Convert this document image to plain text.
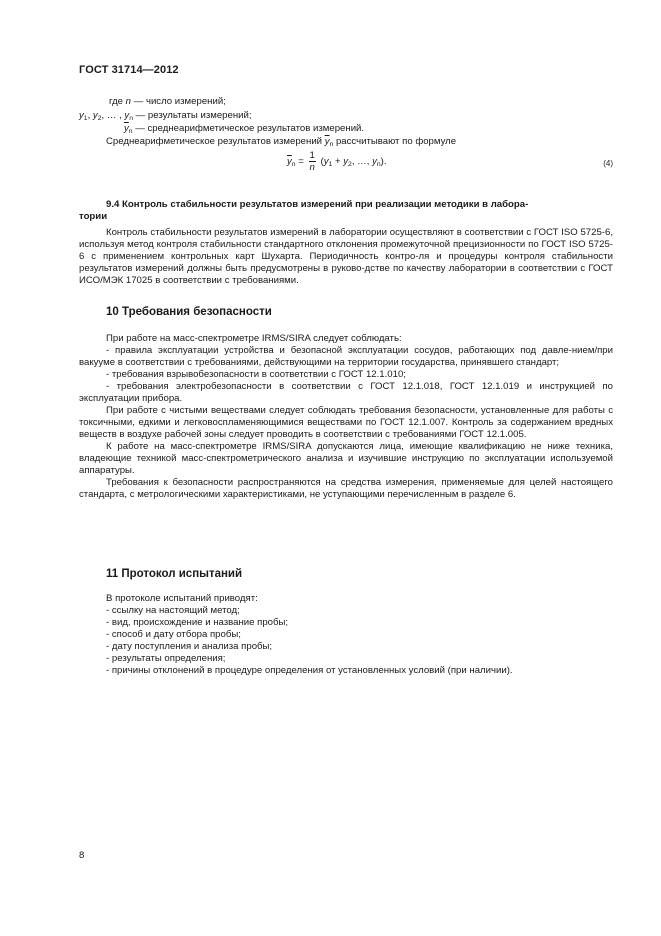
ГОСТ 31714—2012
где n — число измерений;
$y_1$, $y_2$, … , $y_n$ — результаты измерений;
$\overline{y}_n$ — среднеарифметическое результатов измерений.
Среднеарифметическое результатов измерений $\overline{y}_n$ рассчитывают по формуле
$\overline{y}_n = \frac{1}{n} (y_1 + y_2$, …, $y_n$).	(4)
9.4 Контроль стабильности результатов измерений при реализации методики в лабора-
тории

Контроль стабильности результатов измерений в лаборатории осуществляют в соответствии с ГОСТ ISO 5725-6, используя метод контроля стабильности стандартного отклонения промежуточной прецизионности по ГОСТ ISO 5725-6 с применением контрольных карт Шухарта. Периодичность контро-ля и процедуры контроля стабильности результатов измерений должны быть предусмотрены в руково-дстве по качеству лаборатории в соответствии с ГОСТ ИСО/МЭК 17025 в соответствии с требованиями.

10 Требования безопасности

При работе на масс-спектрометре IRMS/SIRA следует соблюдать:

- правила эксплуатации устройства и безопасной эксплуатации сосудов, работающих под давле-нием/при вакууме в соответствии с требованиями, действующими на территории государства, принявшего стандарт;

- требования взрывобезопасности в соответствии с ГОСТ 12.1.010;

- требования электробезопасности в соответствии с ГОСТ 12.1.018, ГОСТ 12.1.019 и инструкцией по эксплуатации прибора.

При работе с чистыми веществами следует соблюдать требования безопасности, установленные для работы с токсичными, едкими и легковоспламеняющимися веществами по ГОСТ 12.1.007. Контроль за содержанием вредных веществ в воздухе рабочей зоны следует проводить в соответствии с требованиями ГОСТ 12.1.005.

К работе на масс-спектрометре IRMS/SIRA допускаются лица, имеющие квалификацию не ниже техника, владеющие техникой масс-спектрометрического анализа и изучившие инструкцию по эксплуатации используемой аппаратуры.

Требования к безопасности распространяются на средства измерения, применяемые для целей настоящего стандарта, с метрологическими характеристиками, не уступающими перечисленным в разделе 6.

11 Протокол испытаний
В протоколе испытаний приводят:
- ссылку на настоящий метод;
- вид, происхождение и название пробы;
- способ и дату отбора пробы;
- дату поступления и анализа пробы;
- результаты определения;
- причины отклонений в процедуре определения от установленных условий (при наличии).
8
